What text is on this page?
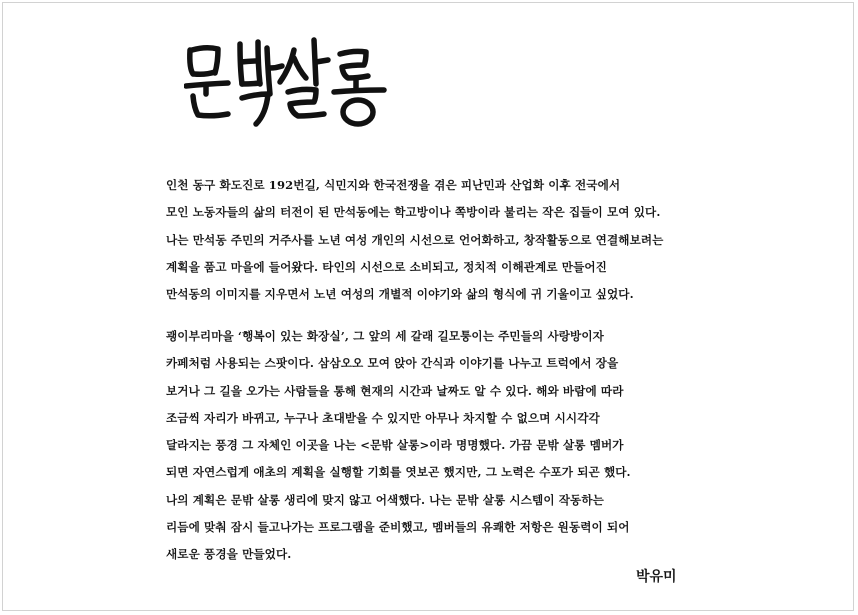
인천 동구 화도진로 192번길, 식민지와 한국전쟁을 겪은 피난민과 산업화 이후 전국에서
모인 노동자들의 삶의 터전이 된 만석동에는 학고방이나 쪽방이라 불리는 작은 집들이 모여 있다.
나는 만석동 주민의 거주사를 노년 여성 개인의 시선으로 언어화하고, 창작활동으로 연결해보려는
계획을 품고 마을에 들어왔다. 타인의 시선으로 소비되고, 정치적 이해관계로 만들어진
만석동의 이미지를 지우면서 노년 여성의 개별적 이야기와 삶의 형식에 귀 기울이고 싶었다.
괭이부리마을 ‘행복이 있는 화장실’, 그 앞의 세 갈래 길모퉁이는 주민들의 사랑방이자
카페처럼 사용되는 스팟이다. 삼삼오오 모여 앉아 간식과 이야기를 나누고 트럭에서 장을
보거나 그 길을 오가는 사람들을 통해 현재의 시간과 날짜도 알 수 있다. 해와 바람에 따라
조금씩 자리가 바뀌고, 누구나 초대받을 수 있지만 아무나 차지할 수 없으며 시시각각
달라지는 풍경 그 자체인 이곳을 나는 <문밖 살롱>이라 명명했다. 가끔 문밖 살롱 멤버가
되면 자연스럽게 애초의 계획을 실행할 기회를 엿보곤 했지만, 그 노력은 수포가 되곤 했다.
나의 계획은 문밖 살롱 생리에 맞지 않고 어색했다. 나는 문밖 살롱 시스템이 작동하는
리듬에 맞춰 잠시 들고나가는 프로그램을 준비했고, 멤버들의 유쾌한 저항은 원동력이 되어
새로운 풍경을 만들었다.
박유미
